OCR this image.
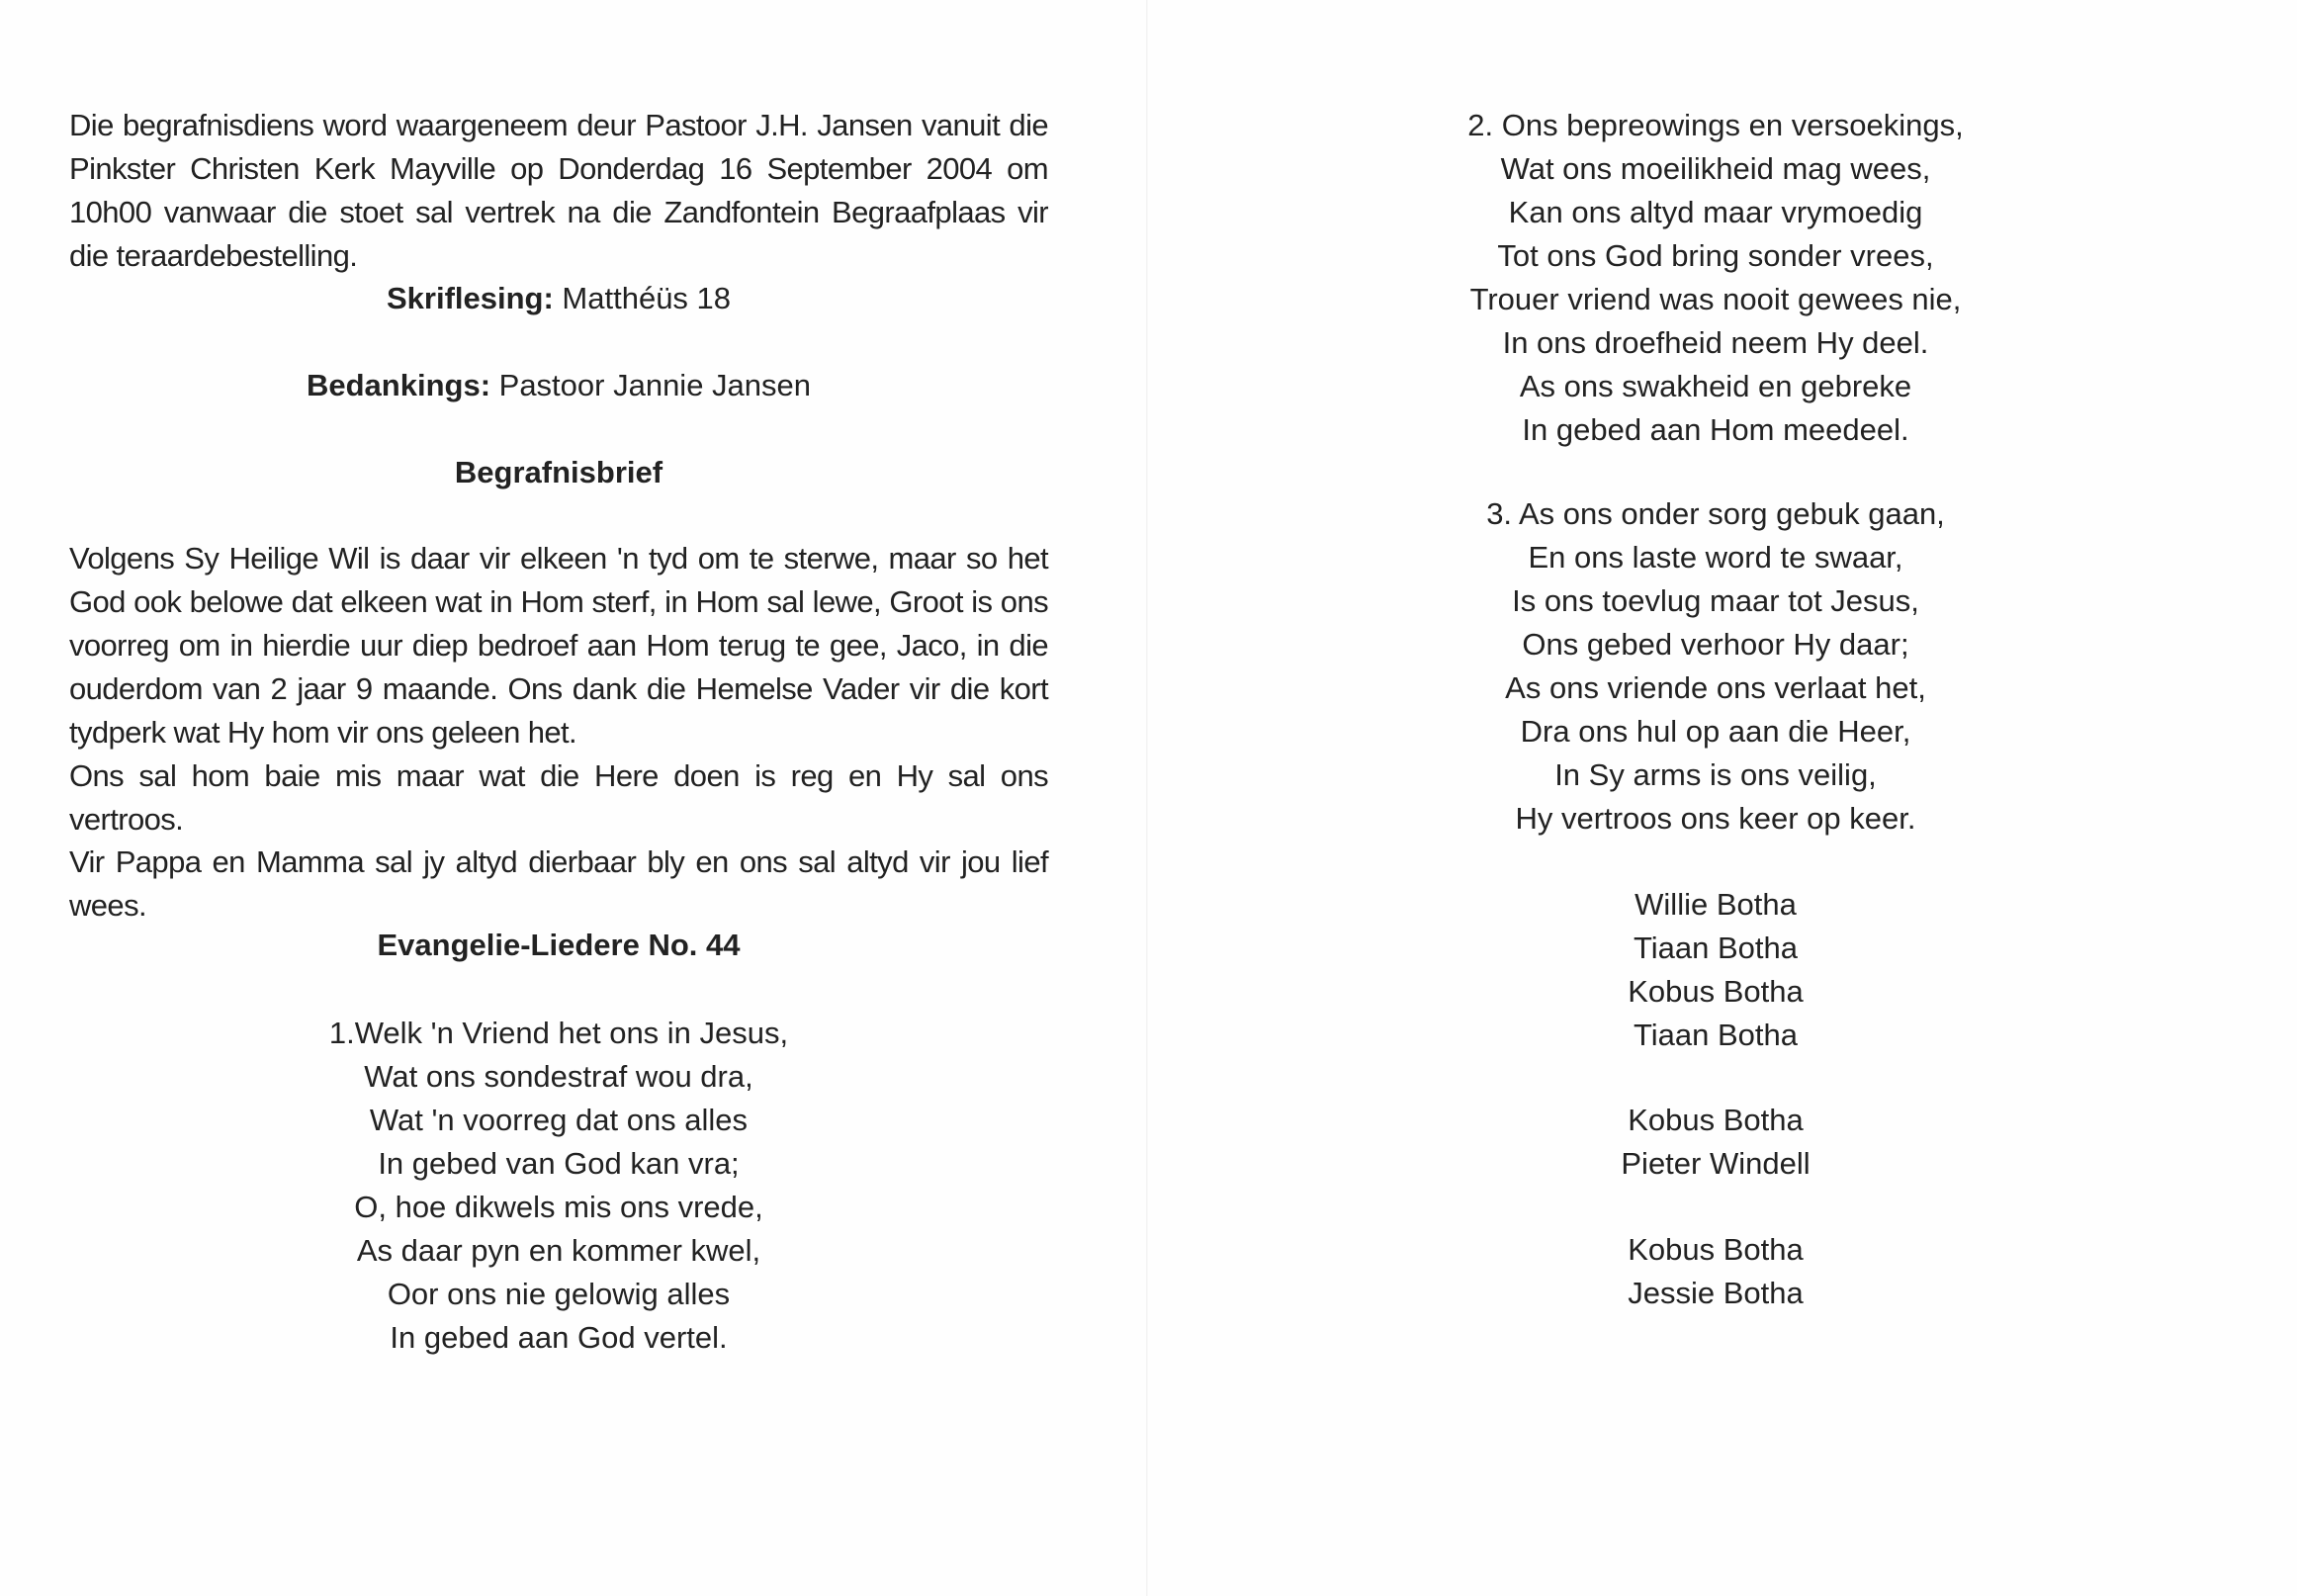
Die begrafnisdiens word waargeneem deur Pastoor J.H. Jansen vanuit die Pinkster Christen Kerk Mayville op Donderdag 16 September 2004 om 10h00 vanwaar die stoet sal vertrek na die Zandfontein Begraafplaas vir die teraardebestelling.

Skriflesing: Matthéüs 18
Bedankings: Pastoor Jannie Jansen
Begrafnisbrief

Volgens Sy Heilige Wil is daar vir elkeen 'n tyd om te sterwe, maar so het God ook belowe dat elkeen wat in Hom sterf, in Hom sal lewe, Groot is ons voorreg om in hierdie uur diep bedroef aan Hom terug te gee, Jaco, in die ouderdom van 2 jaar 9 maande. Ons dank die Hemelse Vader vir die kort tydperk wat Hy hom vir ons geleen het.

Ons sal hom baie mis maar wat die Here doen is reg en Hy sal ons vertroos.

Vir Pappa en Mamma sal jy altyd dierbaar bly en ons sal altyd vir jou lief wees.

Evangelie-Liedere No. 44
1.Welk 'n Vriend het ons in Jesus,
Wat ons sondestraf wou dra,
Wat 'n voorreg dat ons alles
In gebed van God kan vra;
O, hoe dikwels mis ons vrede,
As daar pyn en kommer kwel,
Oor ons nie gelowig alles
In gebed aan God vertel.
2. Ons bepreowings en versoekings,
Wat ons moeilikheid mag wees,
Kan ons altyd maar vrymoedig
Tot ons God bring sonder vrees,
Trouer vriend was nooit gewees nie,
In ons droefheid neem Hy deel.
As ons swakheid en gebreke
In gebed aan Hom meedeel.
3. As ons onder sorg gebuk gaan,
En ons laste word te swaar,
Is ons toevlug maar tot Jesus,
Ons gebed verhoor Hy daar;
As ons vriende ons verlaat het,
Dra ons hul op aan die Heer,
In Sy arms is ons veilig,
Hy vertroos ons keer op keer.
Willie Botha
Tiaan Botha
Kobus Botha
Tiaan Botha
Kobus Botha
Pieter Windell
Kobus Botha
Jessie Botha
